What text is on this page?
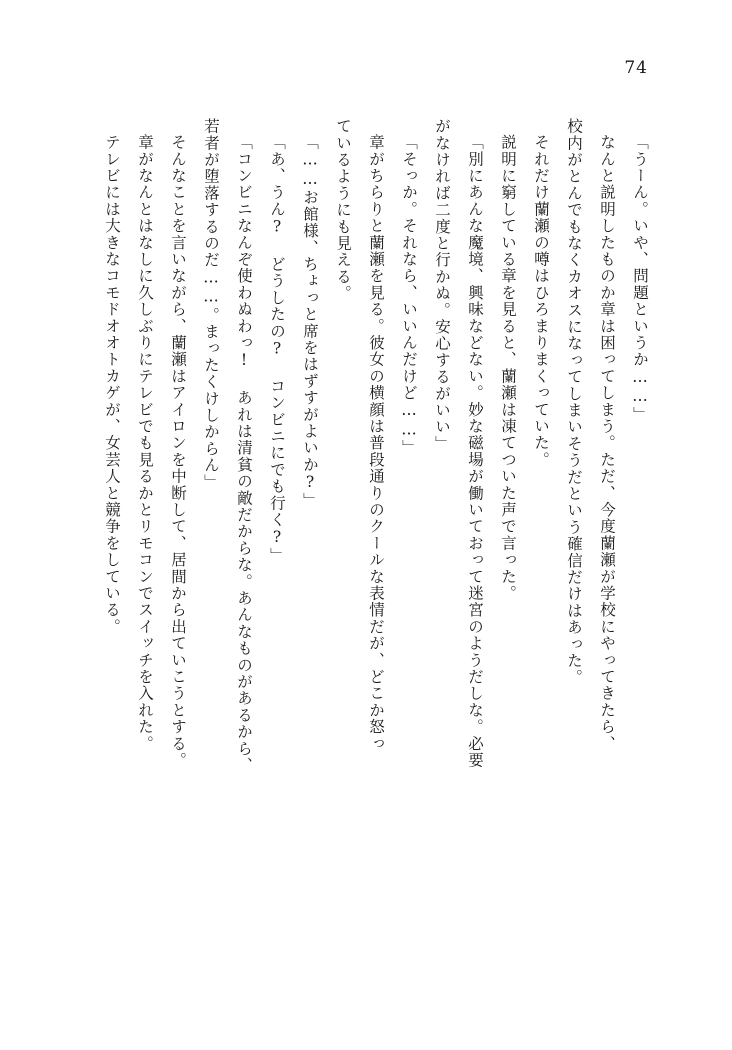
74

「うーん。いや、問題というか……」

なんと説明したものか章は困ってしまう。ただ、今度蘭瀬が学校にやってきたら、

校内がとんでもなくカオスになってしまいそうだという確信だけはあった。

それだけ蘭瀬の噂はひろまりまくっていた。

説明に窮している章を見ると、蘭瀬は凍てついた声で言った。

「別にあんな魔境、興味などない。妙な磁場が働いておって迷宮のようだしな。必要

がなければ二度と行かぬ。安心するがいい」

「そっか。それなら、いいんだけど……」

章がちらりと蘭瀬を見る。彼女の横顔は普段通りのクールな表情だが、どこか怒っ

ているようにも見える。

「……お館様、ちょっと席をはずすがよいか?」

「あ、うん? どうしたの? コンビニにでも行く?」

「コンビニなんぞ使わぬわっ! あれは清貧の敵だからな。あんなものがあるから、

若者が堕落するのだ……。まったくけしからん」

そんなことを言いながら、蘭瀬はアイロンを中断して、居間から出ていこうとする。

章がなんとはなしに久しぶりにテレビでも見るかとリモコンでスイッチを入れた。

テレビには大きなコモドオオトカゲが、女芸人と競争をしている。
